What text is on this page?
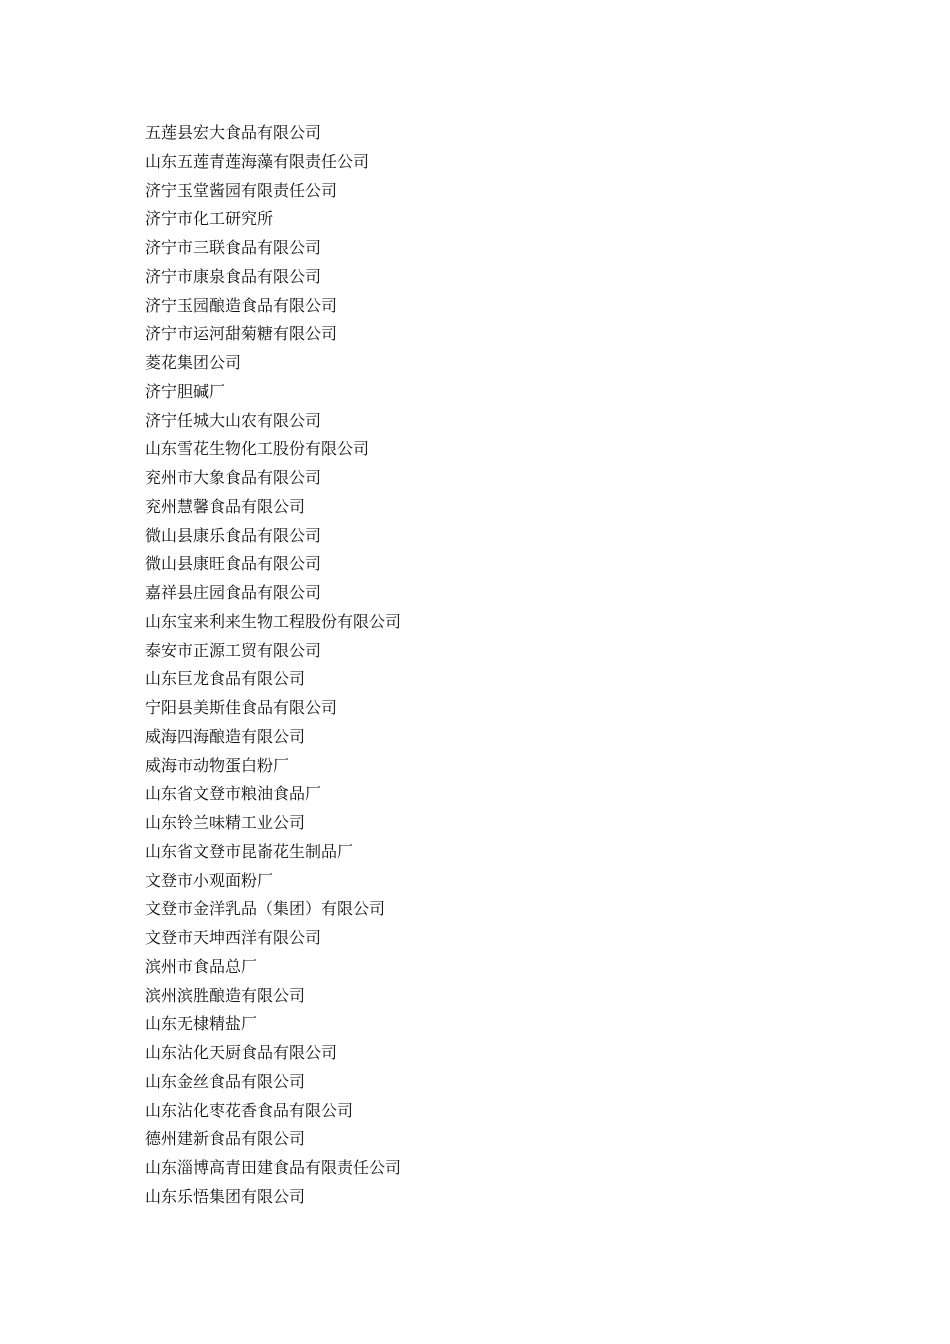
五莲县宏大食品有限公司
山东五莲青莲海藻有限责任公司
济宁玉堂酱园有限责任公司
济宁市化工研究所
济宁市三联食品有限公司
济宁市康泉食品有限公司
济宁玉园酿造食品有限公司
济宁市运河甜菊糖有限公司
菱花集团公司
济宁胆碱厂
济宁任城大山农有限公司
山东雪花生物化工股份有限公司
兖州市大象食品有限公司
兖州慧馨食品有限公司
微山县康乐食品有限公司
微山县康旺食品有限公司
嘉祥县庄园食品有限公司
山东宝来利来生物工程股份有限公司
泰安市正源工贸有限公司
山东巨龙食品有限公司
宁阳县美斯佳食品有限公司
威海四海酿造有限公司
威海市动物蛋白粉厂
山东省文登市粮油食品厂
山东铃兰味精工业公司
山东省文登市昆嵛花生制品厂
文登市小观面粉厂
文登市金洋乳品（集团）有限公司
文登市天坤西洋有限公司
滨州市食品总厂
滨州滨胜酿造有限公司
山东无棣精盐厂
山东沾化天厨食品有限公司
山东金丝食品有限公司
山东沾化枣花香食品有限公司
德州建新食品有限公司
山东淄博高青田建食品有限责任公司
山东乐悟集团有限公司
